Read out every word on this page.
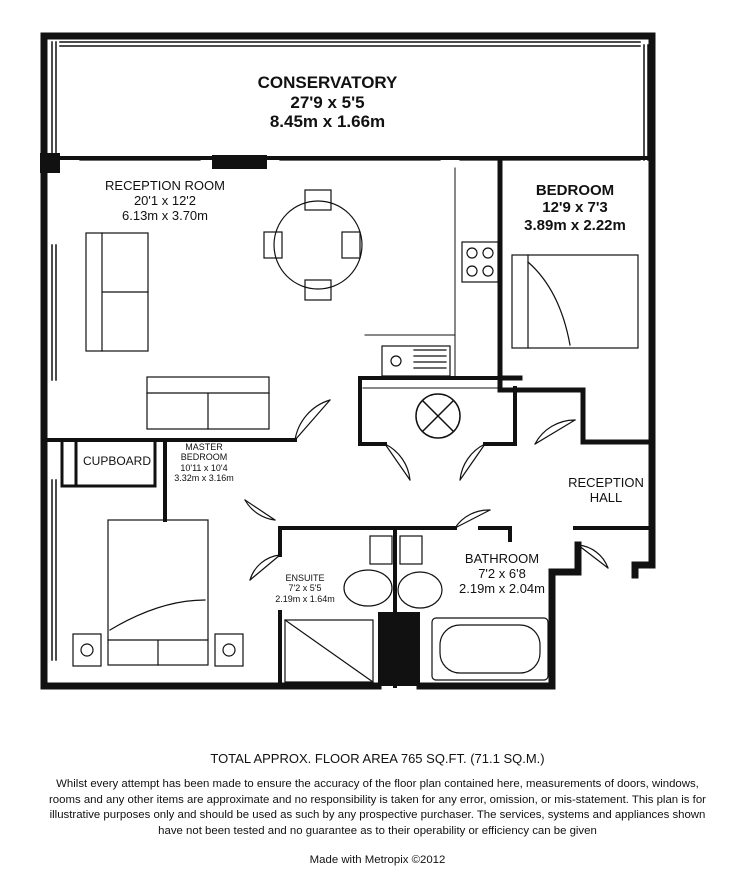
CONSERVATORY
27'9 x 5'5
8.45m x 1.66m
RECEPTION ROOM
20'1 x 12'2
6.13m x 3.70m
BEDROOM
12'9 x 7'3
3.89m x 2.22m
CUPBOARD
MASTER
BEDROOM
10'11 x 10'4
3.32m x 3.16m	RECEPTION
HALL
ENSUITE
7'2 x 5'5
2.19m x 1.64m
BATHROOM
7'2 x 6'8
2.19m x 2.04m
TOTAL APPROX. FLOOR AREA 765 SQ.FT. (71.1 SQ.M.)
Whilst every attempt has been made to ensure the accuracy of the floor plan contained here, measurements of doors, windows, rooms and any other items are approximate and no responsibility is taken for any error, omission, or mis-statement. This plan is for illustrative purposes only and should be used as such by any prospective purchaser. The services, systems and appliances shown have not been tested and no guarantee as to their operability or efficiency can be given
Made with Metropix ©2012
